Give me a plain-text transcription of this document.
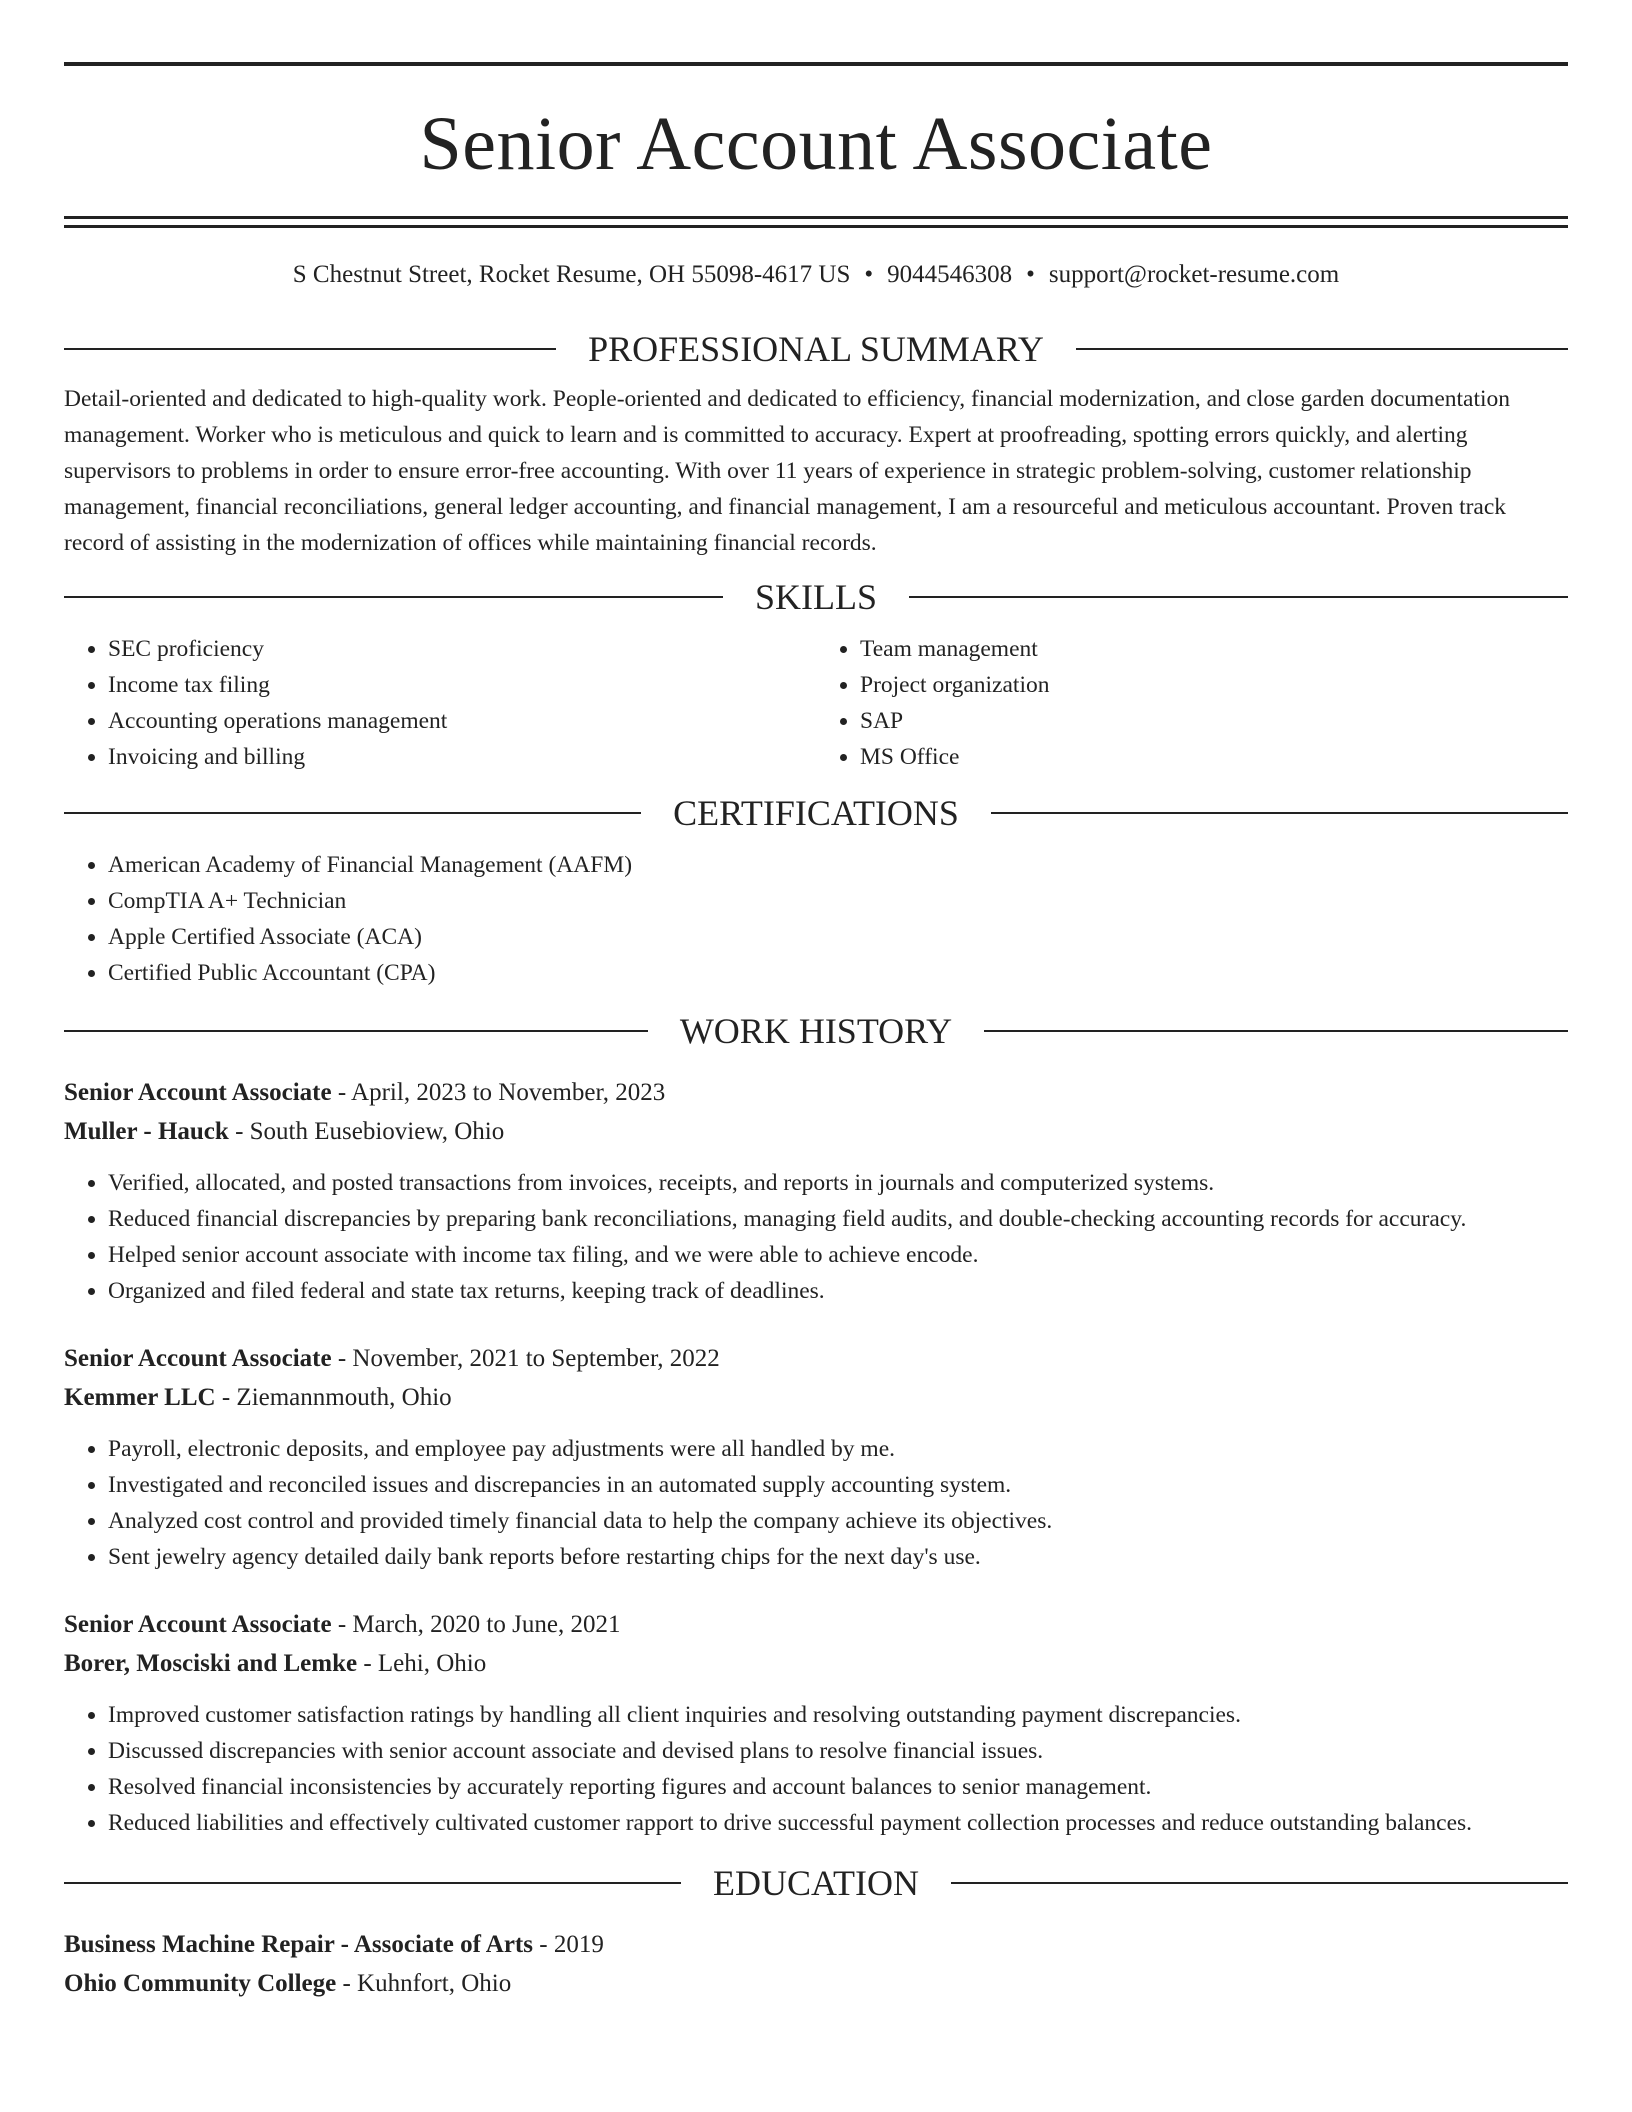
Senior Account Associate
S Chestnut Street, Rocket Resume, OH 55098-4617 US • 9044546308 • support@rocket-resume.com
PROFESSIONAL SUMMARY

Detail-oriented and dedicated to high-quality work. People-oriented and dedicated to efficiency, financial modernization, and close garden documentation management. Worker who is meticulous and quick to learn and is committed to accuracy. Expert at proofreading, spotting errors quickly, and alerting supervisors to problems in order to ensure error-free accounting. With over 11 years of experience in strategic problem-solving, customer relationship management, financial reconciliations, general ledger accounting, and financial management, I am a resourceful and meticulous accountant. Proven track record of assisting in the modernization of offices while maintaining financial records.

SKILLS
• SEC proficiency
• Income tax filing
• Accounting operations management
• Invoicing and billing
• Team management
• Project organization
• SAP
• MS Office
CERTIFICATIONS
• American Academy of Financial Management (AAFM)
• CompTIA A+ Technician
• Apple Certified Associate (ACA)
• Certified Public Accountant (CPA)
WORK HISTORY
Senior Account Associate - April, 2023 to November, 2023
Muller - Hauck - South Eusebioview, Ohio
• Verified, allocated, and posted transactions from invoices, receipts, and reports in journals and computerized systems.
• Reduced financial discrepancies by preparing bank reconciliations, managing field audits, and double-checking accounting records for accuracy.
• Helped senior account associate with income tax filing, and we were able to achieve encode.
• Organized and filed federal and state tax returns, keeping track of deadlines.
Senior Account Associate - November, 2021 to September, 2022
Kemmer LLC - Ziemannmouth, Ohio
• Payroll, electronic deposits, and employee pay adjustments were all handled by me.
• Investigated and reconciled issues and discrepancies in an automated supply accounting system.
• Analyzed cost control and provided timely financial data to help the company achieve its objectives.
• Sent jewelry agency detailed daily bank reports before restarting chips for the next day's use.
Senior Account Associate - March, 2020 to June, 2021
Borer, Mosciski and Lemke - Lehi, Ohio
• Improved customer satisfaction ratings by handling all client inquiries and resolving outstanding payment discrepancies.
• Discussed discrepancies with senior account associate and devised plans to resolve financial issues.
• Resolved financial inconsistencies by accurately reporting figures and account balances to senior management.
• Reduced liabilities and effectively cultivated customer rapport to drive successful payment collection processes and reduce outstanding balances.
EDUCATION
Business Machine Repair - Associate of Arts - 2019
Ohio Community College - Kuhnfort, Ohio
